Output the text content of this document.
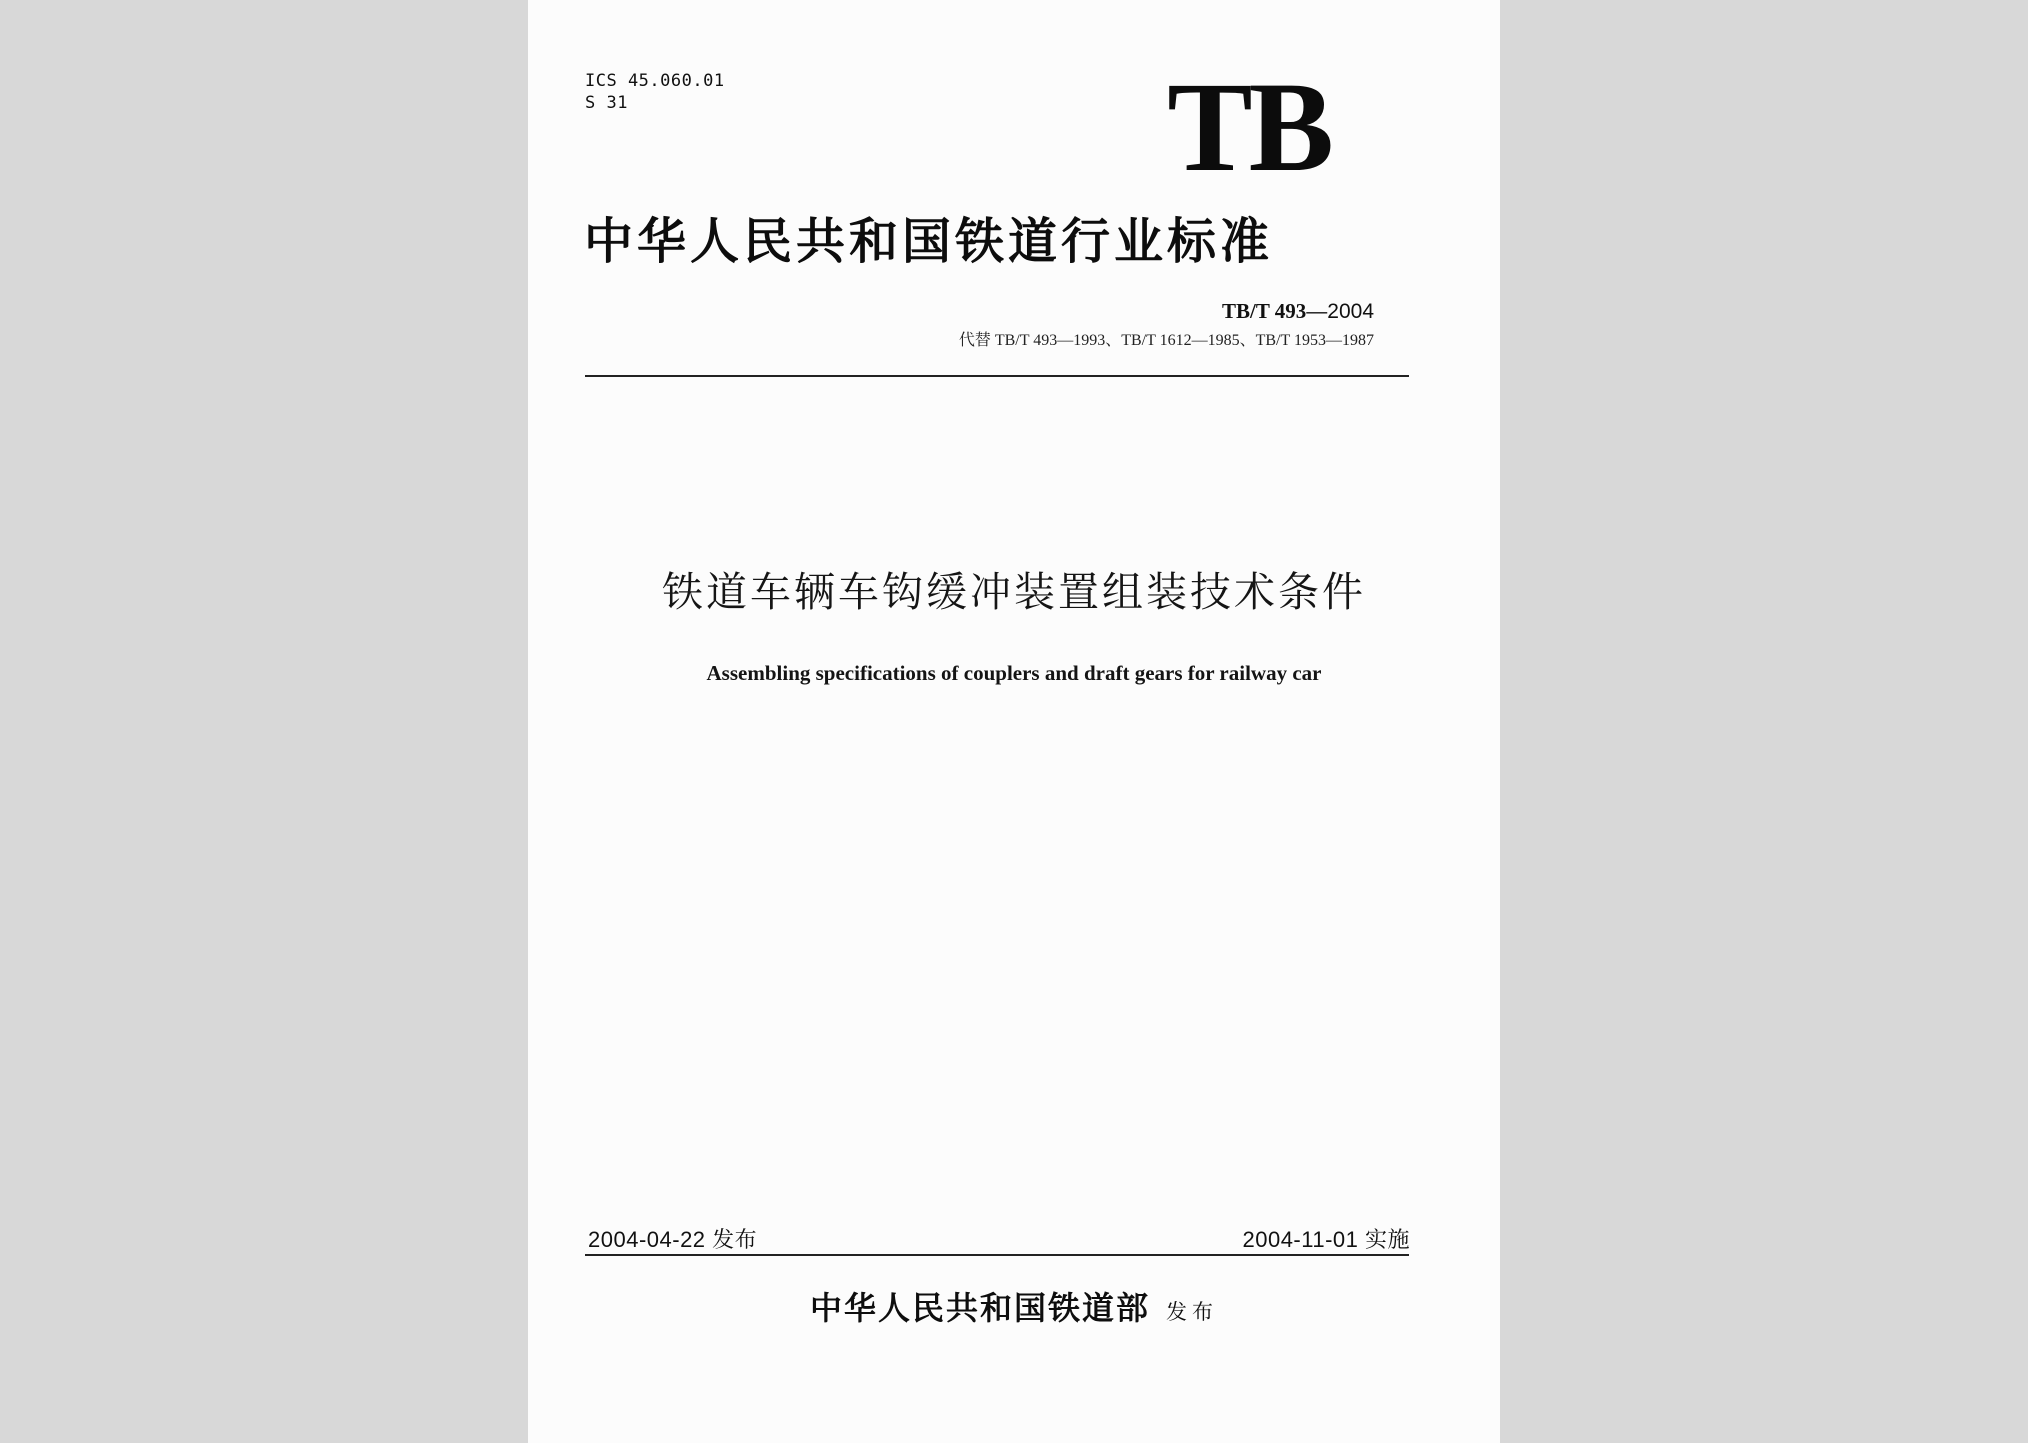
ICS 45.060.01
S 31	TB
中华人民共和国铁道行业标准
TB/T 493—2004
代替 TB/T 493—1993、TB/T 1612—1985、TB/T 1953—1987
铁道车辆车钩缓冲装置组装技术条件
Assembling specifications of couplers and draft gears for railway car
2004-04-22 发布	2004-11-01 实施
中华人民共和国铁道部 发布
